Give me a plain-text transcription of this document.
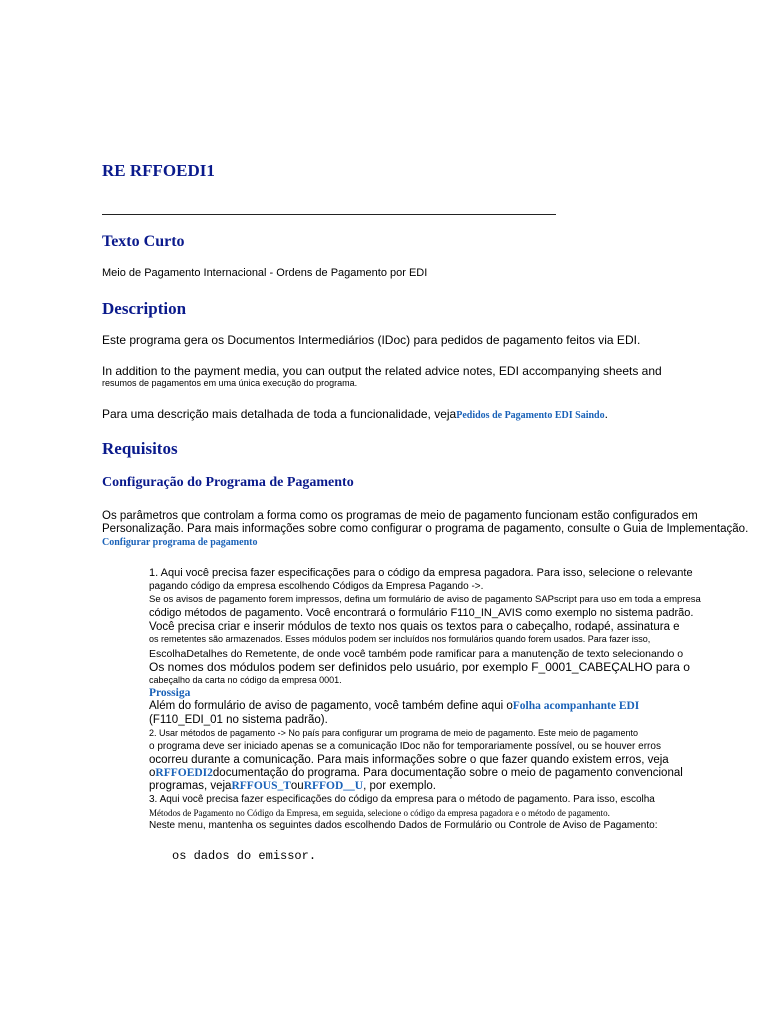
RE RFFOEDI1
Texto Curto
Meio de Pagamento Internacional - Ordens de Pagamento por EDI
Description
Este programa gera os Documentos Intermediários (IDoc) para pedidos de pagamento feitos via EDI.
In addition to the payment media, you can output the related advice notes, EDI accompanying sheets and
resumos de pagamentos em uma única execução do programa.
Para uma descrição mais detalhada de toda a funcionalidade, vejaPedidos de Pagamento EDI Saindo.
Requisitos
Configuração do Programa de Pagamento
Os parâmetros que controlam a forma como os programas de meio de pagamento funcionam estão configurados em
Personalização. Para mais informações sobre como configurar o programa de pagamento, consulte o Guia de Implementação.
Configurar programa de pagamento
1. Aqui você precisa fazer especificações para o código da empresa pagadora. Para isso, selecione o relevante
pagando código da empresa escolhendo Códigos da Empresa Pagando ->.
Se os avisos de pagamento forem impressos, defina um formulário de aviso de pagamento SAPscript para uso em toda a empresa
código métodos de pagamento. Você encontrará o formulário F110_IN_AVIS como exemplo no sistema padrão.
Você precisa criar e inserir módulos de texto nos quais os textos para o cabeçalho, rodapé, assinatura e
os remetentes são armazenados. Esses módulos podem ser incluídos nos formulários quando forem usados. Para fazer isso,
EscolhaDetalhes do Remetente, de onde você também pode ramificar para a manutenção de texto selecionando o
Os nomes dos módulos podem ser definidos pelo usuário, por exemplo F_0001_CABEÇALHO para o
cabeçalho da carta no código da empresa 0001.
Prossiga
Além do formulário de aviso de pagamento, você também define aqui oFolha acompanhante EDI
(F110_EDI_01 no sistema padrão).
2. Usar métodos de pagamento -> No país para configurar um programa de meio de pagamento. Este meio de pagamento
o programa deve ser iniciado apenas se a comunicação IDoc não for temporariamente possível, ou se houver erros
ocorreu durante a comunicação. Para mais informações sobre o que fazer quando existem erros, veja
oRFFOEDI2documentação do programa. Para documentação sobre o meio de pagamento convencional
programas, vejaRFFOUS_TouRFFOD__U, por exemplo.
3. Aqui você precisa fazer especificações do código da empresa para o método de pagamento. Para isso, escolha
Métodos de Pagamento no Código da Empresa, em seguida, selecione o código da empresa pagadora e o método de pagamento.
Neste menu, mantenha os seguintes dados escolhendo Dados de Formulário ou Controle de Aviso de Pagamento:
os dados do emissor.
